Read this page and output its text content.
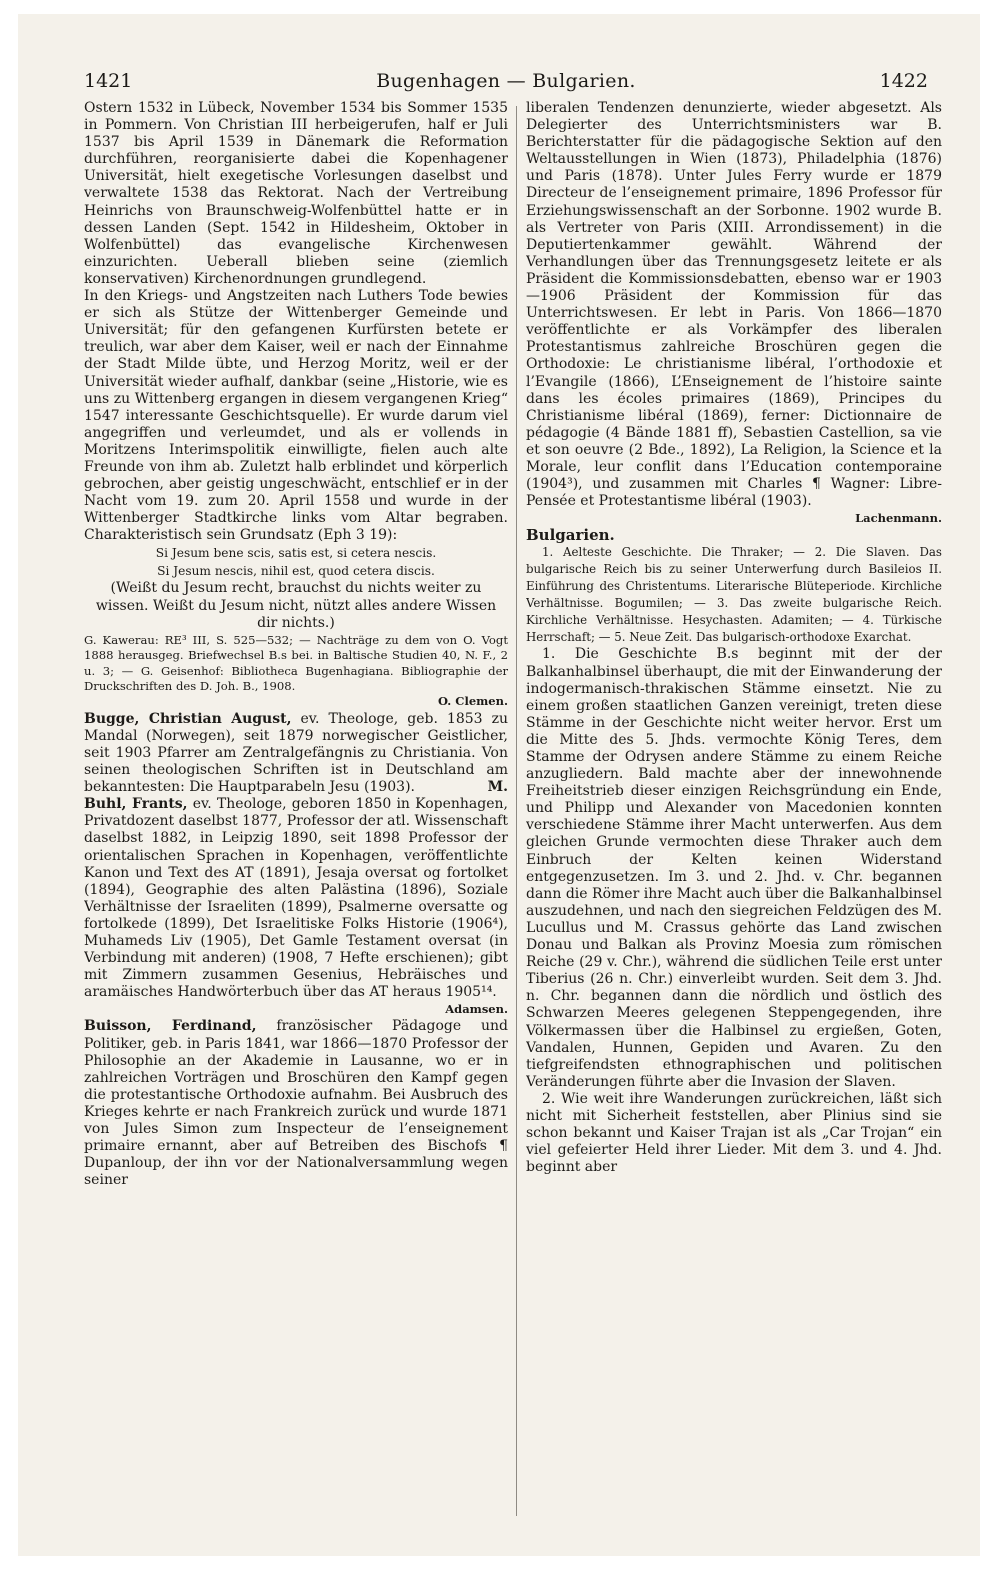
1421	Bugenhagen — Bulgarien.	1422

Ostern 1532 in Lübeck, November 1534 bis Sommer 1535 in Pommern. Von Christian III herbeigerufen, half er Juli 1537 bis April 1539 in Dänemark die Reformation durchführen, reorganisierte dabei die Kopenhagener Universität, hielt exegetische Vorlesungen daselbst und verwaltete 1538 das Rektorat. Nach der Vertreibung Heinrichs von Braunschweig-Wolfenbüttel hatte er in dessen Landen (Sept. 1542 in Hildesheim, Oktober in Wolfenbüttel) das evangelische Kirchenwesen einzurichten. Ueberall blieben seine (ziemlich konservativen) Kirchenordnungen grundlegend.

In den Kriegs- und Angstzeiten nach Luthers Tode bewies er sich als Stütze der Wittenberger Gemeinde und Universität; für den gefangenen Kurfürsten betete er treulich, war aber dem Kaiser, weil er nach der Einnahme der Stadt Milde übte, und Herzog Moritz, weil er der Universität wieder aufhalf, dankbar (seine „Historie, wie es uns zu Wittenberg ergangen in diesem vergangenen Krieg“ 1547 interessante Geschichtsquelle). Er wurde darum viel angegriffen und verleumdet, und als er vollends in Moritzens Interimspolitik einwilligte, fielen auch alte Freunde von ihm ab. Zuletzt halb erblindet und körperlich gebrochen, aber geistig ungeschwächt, entschlief er in der Nacht vom 19. zum 20. April 1558 und wurde in der Wittenberger Stadtkirche links vom Altar begraben. Charakteristisch sein Grundsatz (Eph 3 19):

Si Jesum bene scis, satis est, si cetera nescis.

Si Jesum nescis, nihil est, quod cetera discis.

(Weißt du Jesum recht, brauchst du nichts weiter zu wissen. Weißt du Jesum nicht, nützt alles andere Wissen dir nichts.)

G. Kawerau: RE³ III, S. 525—532; — Nachträge zu dem von O. Vogt 1888 herausgeg. Briefwechsel B.s bei. in Baltische Studien 40, N. F., 2 u. 3; — G. Geisenhof: Bibliotheca Bugenhagiana. Bibliographie der Druckschriften des D. Joh. B., 1908.
O. Clemen.

Bugge, Christian August, ev. Theologe, geb. 1853 zu Mandal (Norwegen), seit 1879 norwegischer Geistlicher, seit 1903 Pfarrer am Zentralgefängnis zu Christiania. Von seinen theologischen Schriften ist in Deutschland am bekanntesten: Die Hauptparabeln Jesu (1903).	M.

Buhl, Frants, ev. Theologe, geboren 1850 in Kopenhagen, Privatdozent daselbst 1877, Professor der atl. Wissenschaft daselbst 1882, in Leipzig 1890, seit 1898 Professor der orientalischen Sprachen in Kopenhagen, veröffentlichte Kanon und Text des AT (1891), Jesaja oversat og fortolket (1894), Geographie des alten Palästina (1896), Soziale Verhältnisse der Israeliten (1899), Psalmerne oversatte og fortolkede (1899), Det Israelitiske Folks Historie (1906⁴), Muhameds Liv (1905), Det Gamle Testament oversat (in Verbindung mit anderen) (1908, 7 Hefte erschienen); gibt mit Zimmern zusammen Gesenius, Hebräisches und aramäisches Handwörterbuch über das AT heraus 1905¹⁴.
Adamsen.

Buisson, Ferdinand, französischer Pädagoge und Politiker, geb. in Paris 1841, war 1866—1870 Professor der Philosophie an der Akademie in Lausanne, wo er in zahlreichen Vorträgen und Broschüren den Kampf gegen die protestantische Orthodoxie aufnahm. Bei Ausbruch des Krieges kehrte er nach Frankreich zurück und wurde 1871 von Jules Simon zum Inspecteur de l’enseignement primaire ernannt, aber auf Betreiben des Bischofs ¶ Dupanloup, der ihn vor der Nationalversammlung wegen seiner

liberalen Tendenzen denunzierte, wieder abgesetzt. Als Delegierter des Unterrichtsministers war B. Berichterstatter für die pädagogische Sektion auf den Weltausstellungen in Wien (1873), Philadelphia (1876) und Paris (1878). Unter Jules Ferry wurde er 1879 Directeur de l’enseignement primaire, 1896 Professor für Erziehungswissenschaft an der Sorbonne. 1902 wurde B. als Vertreter von Paris (XIII. Arrondissement) in die Deputiertenkammer gewählt. Während der Verhandlungen über das Trennungsgesetz leitete er als Präsident die Kommissionsdebatten, ebenso war er 1903—1906 Präsident der Kommission für das Unterrichtswesen. Er lebt in Paris. Von 1866—1870 veröffentlichte er als Vorkämpfer des liberalen Protestantismus zahlreiche Broschüren gegen die Orthodoxie: Le christianisme libéral, l’orthodoxie et l’Evangile (1866), L’Enseignement de l’histoire sainte dans les écoles primaires (1869), Principes du Christianisme libéral (1869), ferner: Dictionnaire de pédagogie (4 Bände 1881 ff), Sebastien Castellion, sa vie et son oeuvre (2 Bde., 1892), La Religion, la Science et la Morale, leur conflit dans l’Education contemporaine (1904³), und zusammen mit Charles ¶ Wagner: Libre-Pensée et Protestantisme libéral (1903).

Lachenmann.

Bulgarien.

1. Aelteste Geschichte. Die Thraker; — 2. Die Slaven. Das bulgarische Reich bis zu seiner Unterwerfung durch Basileios II. Einführung des Christentums. Literarische Blüteperiode. Kirchliche Verhältnisse. Bogumilen; — 3. Das zweite bulgarische Reich. Kirchliche Verhältnisse. Hesychasten. Adamiten; — 4. Türkische Herrschaft; — 5. Neue Zeit. Das bulgarisch-orthodoxe Exarchat.

1. Die Geschichte B.s beginnt mit der der Balkanhalbinsel überhaupt, die mit der Einwanderung der indogermanisch-thrakischen Stämme einsetzt. Nie zu einem großen staatlichen Ganzen vereinigt, treten diese Stämme in der Geschichte nicht weiter hervor. Erst um die Mitte des 5. Jhds. vermochte König Teres, dem Stamme der Odrysen andere Stämme zu einem Reiche anzugliedern. Bald machte aber der innewohnende Freiheitstrieb dieser einzigen Reichsgründung ein Ende, und Philipp und Alexander von Macedonien konnten verschiedene Stämme ihrer Macht unterwerfen. Aus dem gleichen Grunde vermochten diese Thraker auch dem Einbruch der Kelten keinen Widerstand entgegenzusetzen. Im 3. und 2. Jhd. v. Chr. begannen dann die Römer ihre Macht auch über die Balkanhalbinsel auszudehnen, und nach den siegreichen Feldzügen des M. Lucullus und M. Crassus gehörte das Land zwischen Donau und Balkan als Provinz Moesia zum römischen Reiche (29 v. Chr.), während die südlichen Teile erst unter Tiberius (26 n. Chr.) einverleibt wurden. Seit dem 3. Jhd. n. Chr. begannen dann die nördlich und östlich des Schwarzen Meeres gelegenen Steppengegenden, ihre Völkermassen über die Halbinsel zu ergießen, Goten, Vandalen, Hunnen, Gepiden und Avaren. Zu den tiefgreifendsten ethnographischen und politischen Veränderungen führte aber die Invasion der Slaven.

2. Wie weit ihre Wanderungen zurückreichen, läßt sich nicht mit Sicherheit feststellen, aber Plinius sind sie schon bekannt und Kaiser Trajan ist als „Car Trojan“ ein viel gefeierter Held ihrer Lieder. Mit dem 3. und 4. Jhd. beginnt aber
